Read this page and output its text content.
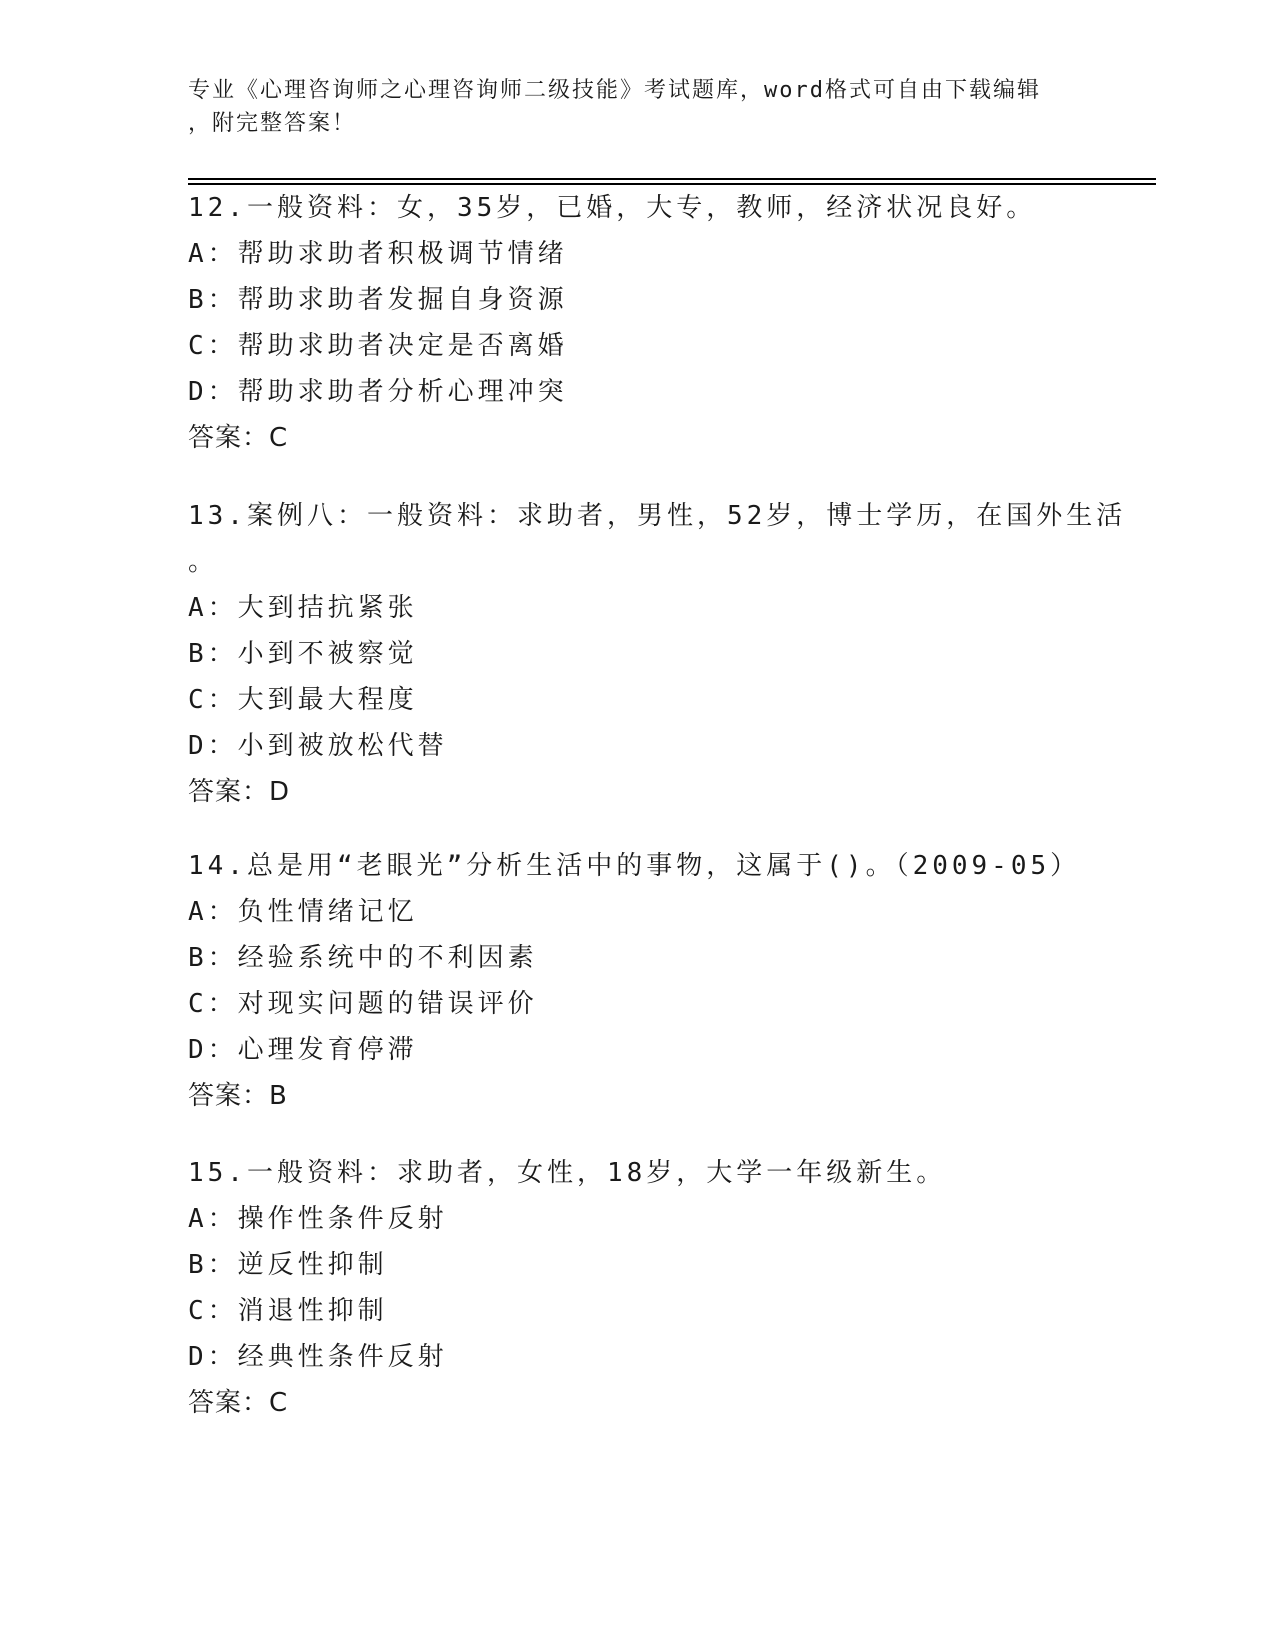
专业《心理咨询师之心理咨询师二级技能》考试题库，word格式可自由下载编辑
，附完整答案！
12.一般资料：女，35岁，已婚，大专，教师，经济状况良好。
A：帮助求助者积极调节情绪
B：帮助求助者发掘自身资源
C：帮助求助者决定是否离婚
D：帮助求助者分析心理冲突
答案：C
13.案例八：一般资料：求助者，男性，52岁，博士学历，在国外生活
。
A：大到拮抗紧张
B：小到不被察觉
C：大到最大程度
D：小到被放松代替
答案：D
14.总是用“老眼光”分析生活中的事物，这属于()。（2009-05）
A：负性情绪记忆
B：经验系统中的不利因素
C：对现实问题的错误评价
D：心理发育停滞
答案：B
15.一般资料：求助者，女性，18岁，大学一年级新生。
A：操作性条件反射
B：逆反性抑制
C：消退性抑制
D：经典性条件反射
答案：C
